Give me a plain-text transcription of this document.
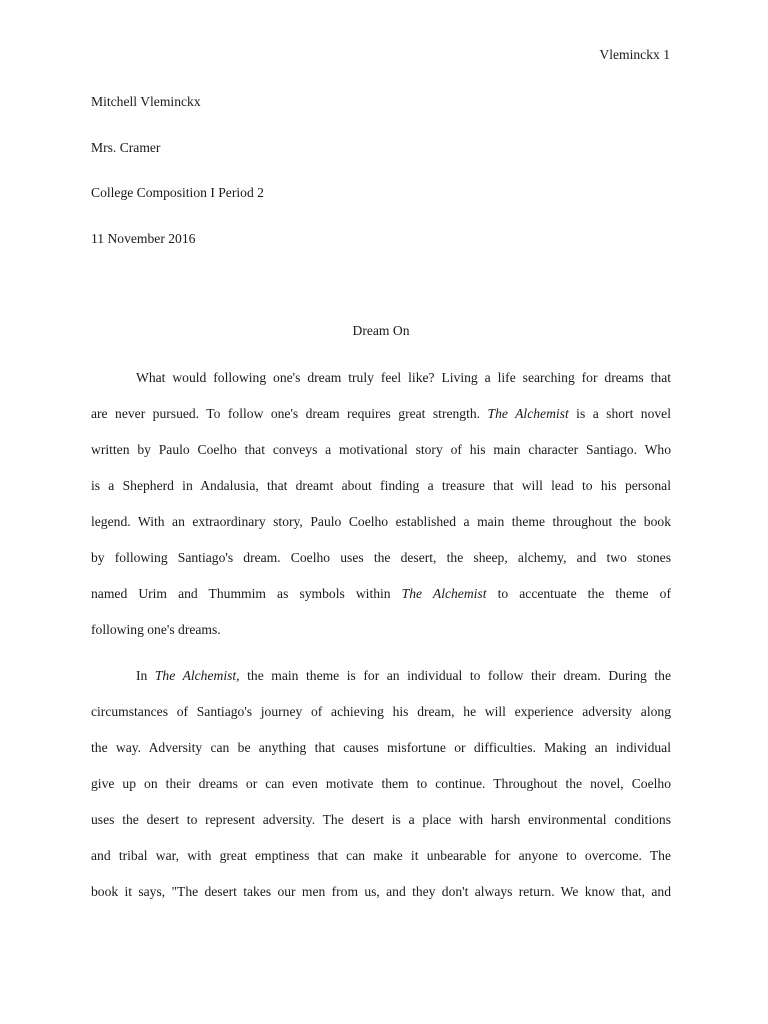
Vleminckx 1
Mitchell Vleminckx
Mrs. Cramer
College Composition I Period 2
11 November 2016
Dream On
What would following one's dream truly feel like? Living a life searching for dreams that
are never pursued. To follow one's dream requires great strength. The Alchemist is a short novel
written by Paulo Coelho that conveys a motivational story of his main character Santiago. Who
is a Shepherd in Andalusia, that dreamt about finding a treasure that will lead to his personal
legend. With an extraordinary story, Paulo Coelho established a main theme throughout the book
by following Santiago's dream. Coelho uses the desert, the sheep, alchemy, and two stones
named Urim and Thummim as symbols within The Alchemist to accentuate the theme of
following one's dreams.
In The Alchemist, the main theme is for an individual to follow their dream. During the
circumstances of Santiago's journey of achieving his dream, he will experience adversity along
the way. Adversity can be anything that causes misfortune or difficulties. Making an individual
give up on their dreams or can even motivate them to continue. Throughout the novel, Coelho
uses the desert to represent adversity. The desert is a place with harsh environmental conditions
and tribal war, with great emptiness that can make it unbearable for anyone to overcome. The
book it says, "The desert takes our men from us, and they don't always return. We know that, and
